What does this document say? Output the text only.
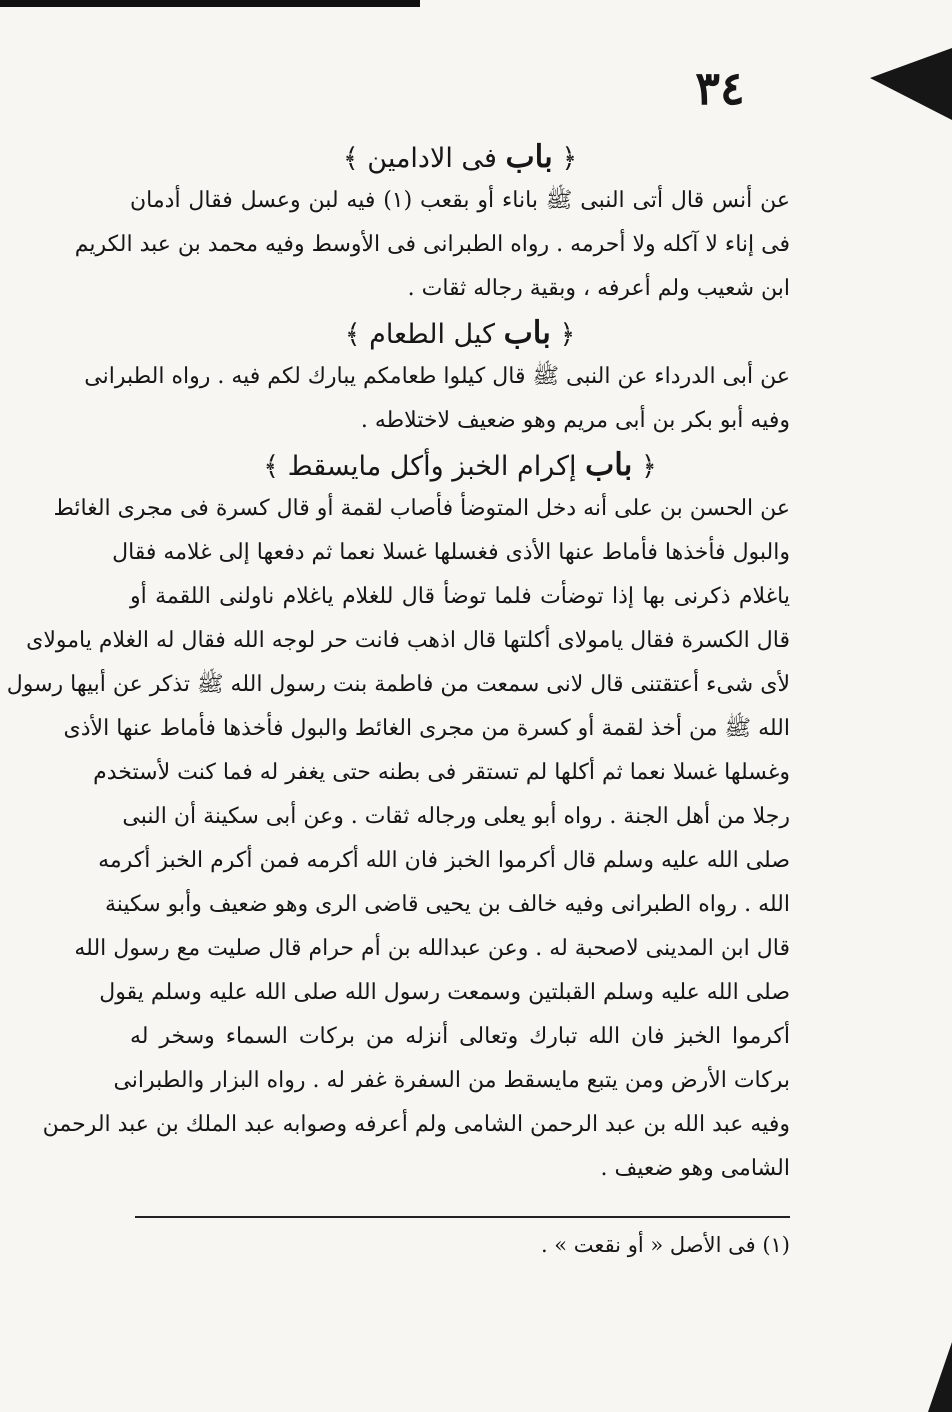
٣٤
﴿ باب فى الادامين ﴾
عن أنس قال أتى النبى ﷺ باناء أو بقعب (١) فيه لبن وعسل فقال أدمان
فى إناء لا آكله ولا أحرمه . رواه الطبرانى فى الأوسط وفيه محمد بن عبد الكريم
ابن شعيب ولم أعرفه ، وبقية رجاله ثقات .
﴿ باب كيل الطعام ﴾
عن أبى الدرداء عن النبى ﷺ قال كيلوا طعامكم يبارك لكم فيه . رواه الطبرانى
وفيه أبو بكر بن أبى مريم وهو ضعيف لاختلاطه .
﴿ باب إكرام الخبز وأكل مايسقط ﴾
عن الحسن بن على أنه دخل المتوضأ فأصاب لقمة أو قال كسرة فى مجرى الغائط
والبول فأخذها فأماط عنها الأذى فغسلها غسلا نعما ثم دفعها إلى غلامه فقال
ياغلام ذكرنى بها إذا توضأت فلما توضأ قال للغلام ياغلام ناولنى اللقمة أو
قال الكسرة فقال يامولاى أكلتها قال اذهب فانت حر لوجه الله فقال له الغلام يامولاى
لأى شىء أعتقتنى قال لانى سمعت من فاطمة بنت رسول الله ﷺ تذكر عن أبيها رسول
الله ﷺ من أخذ لقمة أو كسرة من مجرى الغائط والبول فأخذها فأماط عنها الأذى
وغسلها غسلا نعما ثم أكلها لم تستقر فى بطنه حتى يغفر له فما كنت لأستخدم
رجلا من أهل الجنة . رواه أبو يعلى ورجاله ثقات . وعن أبى سكينة أن النبى
صلى الله عليه وسلم قال أكرموا الخبز فان الله أكرمه فمن أكرم الخبز أكرمه
الله . رواه الطبرانى وفيه خالف بن يحيى قاضى الرى وهو ضعيف وأبو سكينة
قال ابن المدينى لاصحبة له . وعن عبدالله بن أم حرام قال صليت مع رسول الله
صلى الله عليه وسلم القبلتين وسمعت رسول الله صلى الله عليه وسلم يقول
أكرموا الخبز فان الله تبارك وتعالى أنزله من بركات السماء وسخر له
بركات الأرض ومن يتبع مايسقط من السفرة غفر له . رواه البزار والطبرانى
وفيه عبد الله بن عبد الرحمن الشامى ولم أعرفه وصوابه عبد الملك بن عبد الرحمن
الشامى وهو ضعيف .
(١) فى الأصل « أو نقعت » .
